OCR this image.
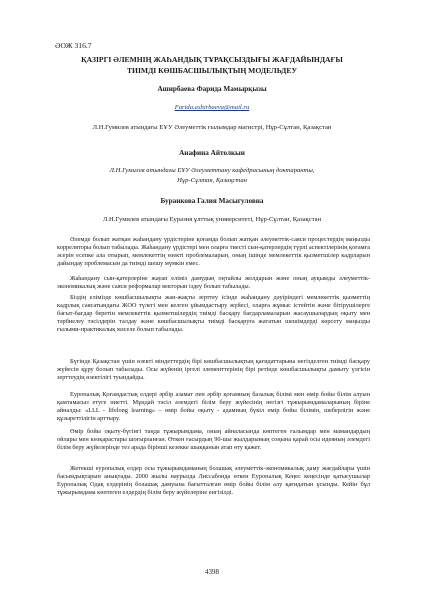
ӘОЖ 316.7
ҚАЗІРГІ ӘЛЕМНІҢ ЖАҺАНДЫҚ ТҰРАҚСЫЗДЫҒЫ ЖАҒДАЙЫНДАҒЫ
ТИІМДІ КӨШБАСШЫЛЫҚТЫҢ МОДЕЛЬДЕУ
Аширбаева Фарида Мамырқызы
Farida.ashirbaeva@mail.ru
Л.Н.Гумилев атындағы ЕҰУ Әлеуметтік ғылымдар магистрі, Нұр-Сұлтан, Қазақстан
Анафина Айтолкын
Л.Н.Гумилев атындағы ЕҰУ Әлеуметтану кафедрасының доктаранты,
Нұр-Сұлтан, Қазақстан
Буранкова Галия Масыгуловна
Л.Н.Гумилев атындағы Еуразия ұлттық университеті, Нұр-Сұлтан, Қазақстан

Әлемде болып жатқан жаһандану үрдістеріне қоғамда болып жатқан әлеуметтік-саяси процестердің маңызды корреляторы болып табылады. Жаһандану үрдістері мен оларға тиесті сын-қатерлердің түрлі аспектілерінің қоғамға әсерін есепке ала отырып, мемлекеттің өзекті проблемаларын, оның ішінде мемлекеттік қызметшілер кадрларын дайындау проблемасын да тиімді шешу мүмкін емес.

Жаһандану сын-қатерлеріне жауап еліміз дамудың оңтайлы жолдарын және оның ауқымды әлеуметтік-экономикалық және саяси реформалар векторын іздеу болып табылады.

Біздің елімізде көшбасшылықты жан-жақты зерттеу ісінде жаһандану дәуіріндегі мемлекеттік қызметтің кадрлық саясатындағы ЖОО түлегі мен келген ұйымдастыру жүйесі, оларға жұмыс істейтін және бітірушілерге бағыт-бағдар беретін мемлекеттік қызметшілердің тиімді басқару бағдарламаларын жасаушылардың оқыту мен тәрбиелеу тәсілдерін талдау және көшбасшылықты тиімді басқаруға жататын шешімдерді көрсету маңызды ғылыми-практикалық мәселе болып табылады.

Бүгінде Қазақстан үшін өзекті міндеттердің бірі көшбасшылықтың қағидаттарына негізделген тиімді басқару жүйесін құру болып табылады. Осы жүйенің іргелі элементтерінің бірі ретінде көшбасшылықты дамыту үлгісін зерттеудің өзектілігі туындайды.

Еуропалық Қоғамдастық елдері әрбір азамат пен әрбір қоғамның базалық білімі мен өмір бойы білім алуын қамтамасыз етуге ниетті. Мұндай тәсіл әлемдегі білім беру жүйесінің негізгі тұжырымдамаларының біріне айналды: «LLL - lifelong learning» – өмір бойы оқыту - адамның бүкіл өмір бойы білімін, шеберлігін және құзыреттілігін арттыру.

Өмір бойы оқыту-бүгінгі таңда тұжырымдама, оның айналасында көптеген ғалымдар мен мамандардың ойлары мен көзқарастары шоғырланған. Өткен ғасырдың 90-шы жылдарының соңына қарай осы идеяның әлемдегі білім беру жүйелерінде тез арада бірінші кезекке шыққанын атап өту қажет.

Жетекші еуропалық елдер осы тұжырымдаманың болашақ әлеуметтік-экономикалық даму жағдайлары үшін басымдықтарын анықтады. 2000 жылы наурызда Лиссабонда өткен Еуропалық Кеңес кеңесінде қатысушылар Еуропалық Одақ елдерінің болашақ дамуына бағытталған өмір бойы білім алу қағидатын ұсынды. Кейін бұл тұжырымдама көптеген елдердің білім беру жүйелеріне енгізілді.

4398
